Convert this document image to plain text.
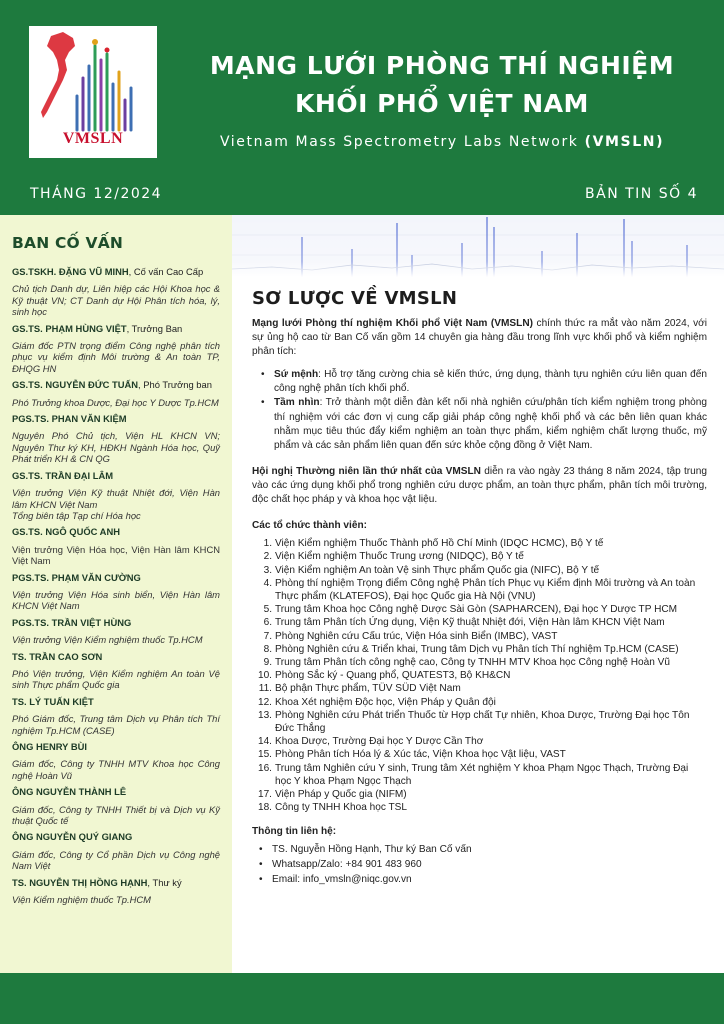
VMSLN
MẠNG LƯỚI PHÒNG THÍ NGHIỆM
KHỐI PHỔ VIỆT NAM
Vietnam Mass Spectrometry Labs Network (VMSLN)
THÁNG 12/2024	BẢN TIN SỐ 4
BAN CỐ VẤN
GS.TSKH. ĐẶNG VŨ MINH, Cố vấn Cao Cấp
Chủ tịch Danh dự, Liên hiệp các Hội Khoa học & Kỹ thuật VN; CT Danh dự Hội Phân tích hóa, lý, sinh học
GS.TS. PHẠM HÙNG VIỆT, Trưởng Ban
Giám đốc PTN trọng điểm Công nghệ phân tích phục vụ kiểm định Môi trường & An toàn TP, ĐHQG HN
GS.TS. NGUYỄN ĐỨC TUẤN, Phó Trưởng ban
Phó Trưởng khoa Dược, Đại học Y Dược Tp.HCM
PGS.TS. PHAN VĂN KIỆM
Nguyên Phó Chủ tịch, Viện HL KHCN VN; Nguyên Thư ký KH, HĐKH Ngành Hóa học, Quỹ Phát triển KH & CN QG
GS.TS. TRẦN ĐẠI LÂM
Viện trưởng Viện Kỹ thuật Nhiệt đới, Viện Hàn lâm KHCN Việt Nam
Tổng biên tập Tạp chí Hóa học
GS.TS. NGÔ QUỐC ANH
Viện trưởng Viện Hóa học, Viện Hàn lâm KHCN Việt Nam
PGS.TS. PHẠM VĂN CƯỜNG
Viện trưởng Viện Hóa sinh biển, Viện Hàn lâm KHCN Việt Nam
PGS.TS. TRẦN VIỆT HÙNG
Viện trưởng Viện Kiểm nghiệm thuốc Tp.HCM
TS. TRẦN CAO SƠN
Phó Viện trưởng, Viện Kiểm nghiệm An toàn Vệ sinh Thực phẩm Quốc gia
TS. LÝ TUẤN KIỆT
Phó Giám đốc, Trung tâm Dịch vụ Phân tích Thí nghiệm Tp.HCM (CASE)
ÔNG HENRY BÙI
Giám đốc, Công ty TNHH MTV Khoa học Công nghệ Hoàn Vũ
ÔNG NGUYỄN THÀNH LÊ
Giám đốc, Công ty TNHH Thiết bị và Dịch vụ Kỹ thuật Quốc tế
ÔNG NGUYỄN QUÝ GIANG
Giám đốc, Công ty Cổ phần Dịch vụ Công nghệ Nam Việt
TS. NGUYỄN THỊ HỒNG HẠNH, Thư ký
Viện Kiểm nghiệm thuốc Tp.HCM
SƠ LƯỢC VỀ VMSLN

Mạng lưới Phòng thí nghiệm Khối phổ Việt Nam (VMSLN) chính thức ra mắt vào năm 2024, với sự ủng hộ cao từ Ban Cố vấn gồm 14 chuyên gia hàng đầu trong lĩnh vực khối phổ và kiểm nghiệm phân tích:

• Sứ mệnh: Hỗ trợ tăng cường chia sẻ kiến thức, ứng dụng, thành tựu nghiên cứu liên quan đến công nghệ phân tích khối phổ.
• Tầm nhìn: Trở thành một diễn đàn kết nối nhà nghiên cứu/phân tích kiểm nghiệm trong phòng thí nghiệm với các đơn vị cung cấp giải pháp công nghệ khối phổ và các bên liên quan khác nhằm mục tiêu thúc đẩy kiểm nghiệm an toàn thực phẩm, kiểm nghiệm chất lượng thuốc, mỹ phẩm và các sản phẩm liên quan đến sức khỏe cộng đồng ở Việt Nam.

Hội nghị Thường niên lần thứ nhất của VMSLN diễn ra vào ngày 23 tháng 8 năm 2024, tập trung vào các ứng dụng khối phổ trong nghiên cứu dược phẩm, an toàn thực phẩm, phân tích môi trường, độc chất học pháp y và khoa học vật liệu.

Các tổ chức thành viên:
1. Viện Kiểm nghiệm Thuốc Thành phố Hồ Chí Minh (IDQC HCMC), Bộ Y tế
2. Viện Kiểm nghiệm Thuốc Trung ương (NIDQC), Bộ Y tế
3. Viện Kiểm nghiệm An toàn Vệ sinh Thực phẩm Quốc gia (NIFC), Bộ Y tế
4. Phòng thí nghiệm Trọng điểm Công nghệ Phân tích Phục vụ Kiểm định Môi trường và An toàn Thực phẩm (KLATEFOS), Đại học Quốc gia Hà Nội (VNU)
5. Trung tâm Khoa học Công nghệ Dược Sài Gòn (SAPHARCEN), Đại học Y Dược TP HCM
6. Trung tâm Phân tích Ứng dụng, Viện Kỹ thuật Nhiệt đới, Viện Hàn lâm KHCN Việt Nam
7. Phòng Nghiên cứu Cấu trúc, Viện Hóa sinh Biển (IMBC), VAST
8. Phòng Nghiên cứu & Triển khai, Trung tâm Dịch vụ Phân tích Thí nghiệm Tp.HCM (CASE)
9. Trung tâm Phân tích công nghệ cao, Công ty TNHH MTV Khoa học Công nghệ Hoàn Vũ
10. Phòng Sắc ký - Quang phổ, QUATEST3, Bộ KH&CN
11. Bộ phận Thực phẩm, TÜV SÜD Việt Nam
12. Khoa Xét nghiệm Độc học, Viện Pháp y Quân đội
13. Phòng Nghiên cứu Phát triển Thuốc từ Hợp chất Tự nhiên, Khoa Dược, Trường Đại học Tôn Đức Thắng
14. Khoa Dược, Trường Đại học Y Dược Cần Thơ
15. Phòng Phân tích Hóa lý & Xúc tác, Viện Khoa học Vật liệu, VAST
16. Trung tâm Nghiên cứu Y sinh, Trung tâm Xét nghiệm Y khoa Phạm Ngọc Thạch, Trường Đại học Y khoa Phạm Ngọc Thạch
17. Viện Pháp y Quốc gia (NIFM)
18. Công ty TNHH Khoa học TSL
Thông tin liên hệ:
• TS. Nguyễn Hồng Hạnh, Thư ký Ban Cố vấn
• Whatsapp/Zalo: +84 901 483 960
• Email: info_vmsln@niqc.gov.vn
